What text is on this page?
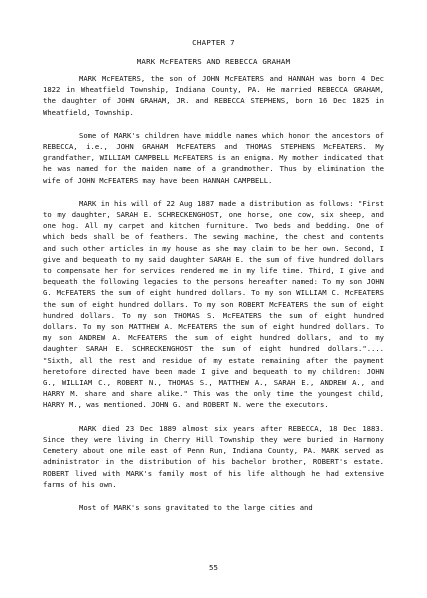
CHAPTER 7
MARK McFEATERS AND REBECCA GRAHAM

MARK McFEATERS, the son of JOHN McFEATERS and HANNAH was born 4 Dec 1822 in Wheatfield Township, Indiana County, PA. He married REBECCA GRAHAM, the daughter of JOHN GRAHAM, JR. and REBECCA STEPHENS, born 16 Dec 1825 in Wheatfield, Township.

Some of MARK's children have middle names which honor the ancestors of REBECCA, i.e., JOHN GRAHAM McFEATERS and THOMAS STEPHENS McFEATERS. My grandfather, WILLIAM CAMPBELL McFEATERS is an enigma. My mother indicated that he was named for the maiden name of a grandmother. Thus by elimination the wife of JOHN McFEATERS may have been HANNAH CAMPBELL.

MARK in his will of 22 Aug 1887 made a distribution as follows: "First to my daughter, SARAH E. SCHRECKENGHOST, one horse, one cow, six sheep, and one hog. All my carpet and kitchen furniture. Two beds and bedding. One of which beds shall be of feathers. The sewing machine, the chest and contents and such other articles in my house as she may claim to be her own. Second, I give and bequeath to my said daughter SARAH E. the sum of five hundred dollars to compensate her for services rendered me in my life time. Third, I give and bequeath the following legacies to the persons hereafter named: To my son JOHN G. McFEATERS the sum of eight hundred dollars. To my son WILLIAM C. McFEATERS the sum of eight hundred dollars. To my son ROBERT McFEATERS the sum of eight hundred dollars. To my son THOMAS S. McFEATERS the sum of eight hundred dollars. To my son MATTHEW A. McFEATERS the sum of eight hundred dollars. To my son ANDREW A. McFEATERS the sum of eight hundred dollars, and to my daughter SARAH E. SCHRECKENGHOST the sum of eight hundred dollars.".... "Sixth, all the rest and residue of my estate remaining after the payment heretofore directed have been made I give and bequeath to my children: JOHN G., WILLIAM C., ROBERT N., THOMAS S., MATTHEW A., SARAH E., ANDREW A., and HARRY M. share and share alike." This was the only time the youngest child, HARRY M., was mentioned. JOHN G. and ROBERT N. were the executors.

MARK died 23 Dec 1889 almost six years after REBECCA, 18 Dec 1883. Since they were living in Cherry Hill Township they were buried in Harmony Cemetery about one mile east of Penn Run, Indiana County, PA. MARK served as administrator in the distribution of his bachelor brother, ROBERT's estate. ROBERT lived with MARK's family most of his life although he had extensive farms of his own.

Most of MARK's sons gravitated to the large cities and

55
